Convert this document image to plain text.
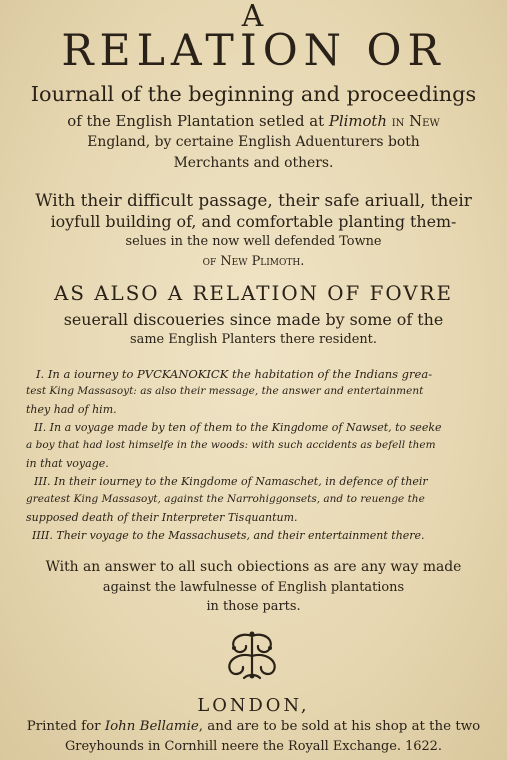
A
RELATION OR
Iournall of the beginning and proceedings
of the English Plantation setled at Plimoth in New
England, by certaine English Aduenturers both
Merchants and others.
With their difficult passage, their safe ariuall, their
ioyfull building of, and comfortable planting them-
selues in the now well defended Towne
of New Plimoth.
AS ALSO A RELATION OF FOVRE
seuerall discoueries since made by some of the
same English Planters there resident.
I. In a iourney to PVCKANOKICK the habitation of the Indians grea-
test King Massasoyt: as also their message, the answer and entertainment
they had of him.
II. In a voyage made by ten of them to the Kingdome of Nawset, to seeke
a boy that had lost himselfe in the woods: with such accidents as befell them
in that voyage.
III. In their iourney to the Kingdome of Namaschet, in defence of their
greatest King Massasoyt, against the Narrohiggonsets, and to reuenge the
supposed death of their Interpreter Tisquantum.
IIII. Their voyage to the Massachusets, and their entertainment there.
With an answer to all such obiections as are any way made
against the lawfulnesse of English plantations
in those parts.
LONDON,
Printed for Iohn Bellamie, and are to be sold at his shop at the two
Greyhounds in Cornhill neere the Royall Exchange. 1622.
